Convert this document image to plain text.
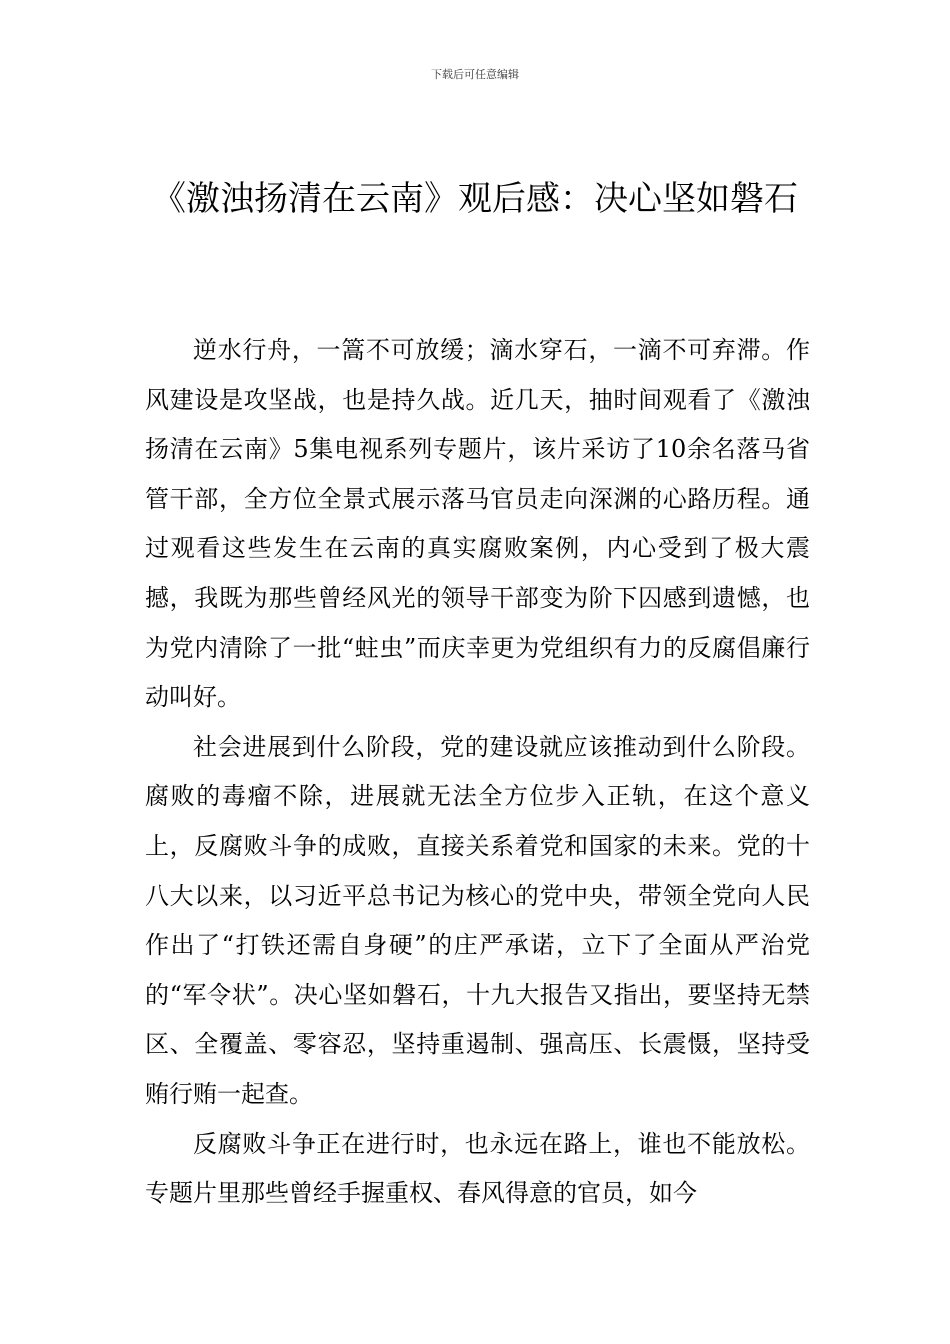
下载后可任意编辑
《激浊扬清在云南》观后感：决心坚如磐石

逆水行舟，一篙不可放缓；滴水穿石，一滴不可弃滞。作风建设是攻坚战，也是持久战。近几天，抽时间观看了《激浊扬清在云南》5集电视系列专题片，该片采访了10余名落马省管干部，全方位全景式展示落马官员走向深渊的心路历程。通过观看这些发生在云南的真实腐败案例，内心受到了极大震撼，我既为那些曾经风光的领导干部变为阶下囚感到遗憾，也为党内清除了一批“蛀虫”而庆幸更为党组织有力的反腐倡廉行动叫好。

社会进展到什么阶段，党的建设就应该推动到什么阶段。腐败的毒瘤不除，进展就无法全方位步入正轨，在这个意义上，反腐败斗争的成败，直接关系着党和国家的未来。党的十八大以来，以习近平总书记为核心的党中央，带领全党向人民作出了“打铁还需自身硬”的庄严承诺，立下了全面从严治党的“军令状”。决心坚如磐石，十九大报告又指出，要坚持无禁区、全覆盖、零容忍，坚持重遏制、强高压、长震慑，坚持受贿行贿一起查。

反腐败斗争正在进行时，也永远在路上，谁也不能放松。专题片里那些曾经手握重权、春风得意的官员，如今
